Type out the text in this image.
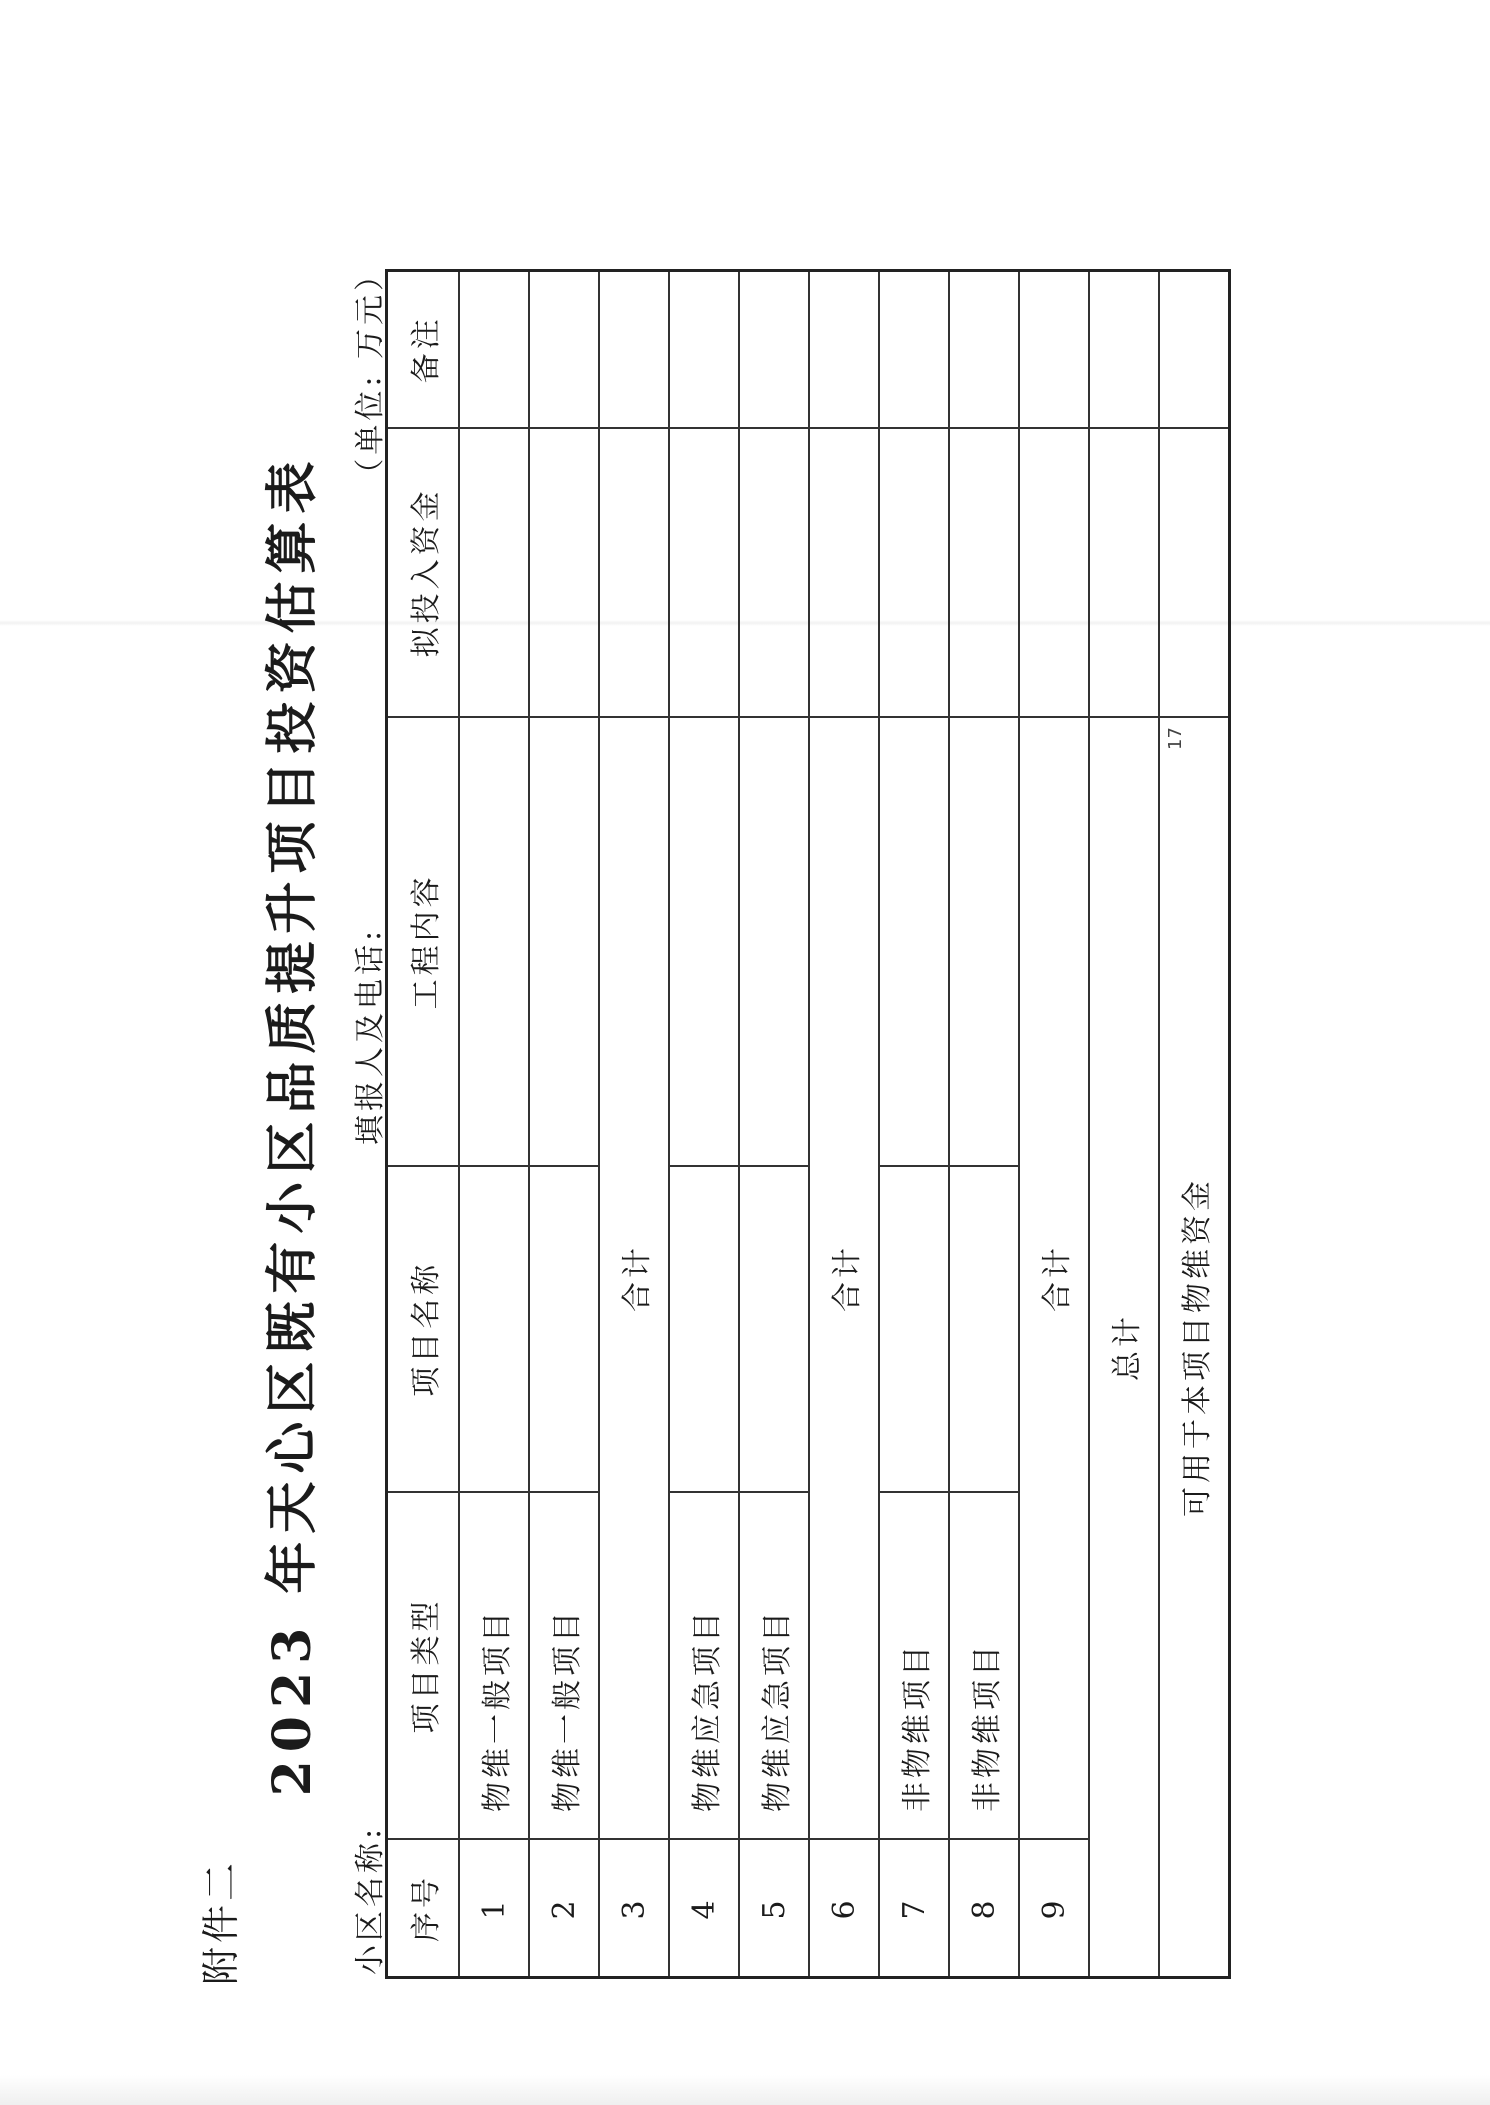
附件二
2023 年天心区既有小区品质提升项目投资估算表
小区名称:
填报人及电话:
（单位: 万元）
序号	项目类型	项目名称	工程内容	拟投入资金	备注
1	物维一般项目				
2	物维一般项目				
3	合计				
4	物维应急项目				
5	物维应急项目				
6	合计				
7	非物维项目				
8	非物维项目				
9	合计				
总计					
可用于本项目物维资金					
17
